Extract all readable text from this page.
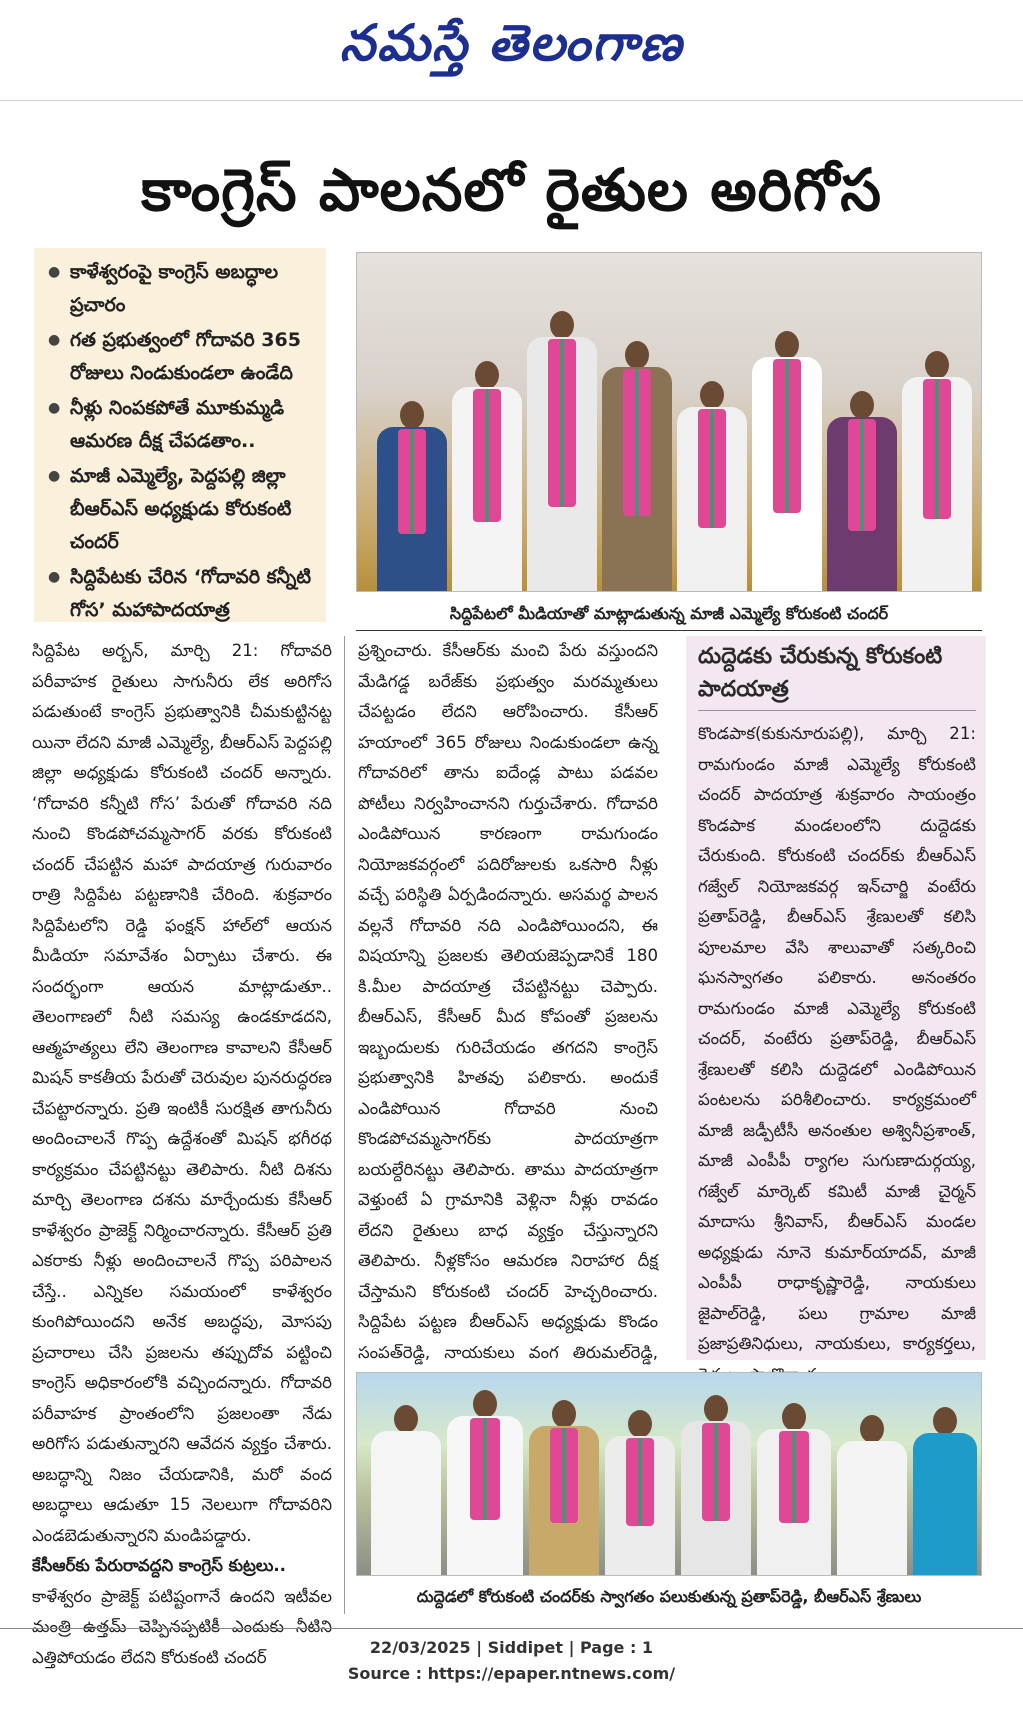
నమస్తే తెలంగాణ
కాంగ్రెస్ పాలనలో రైతుల అరిగోస
● కాళేశ్వరంపై కాంగ్రెస్ అబద్ధాల ప్రచారం
● గత ప్రభుత్వంలో గోదావరి 365 రోజులు నిండుకుండలా ఉండేది
● నీళ్లు నింపకపోతే మూకుమ్మడి ఆమరణ దీక్ష చేపడతాం..
● మాజీ ఎమ్మెల్యే, పెద్దపల్లి జిల్లా బీఆర్ఎస్ అధ్యక్షుడు కోరుకంటి చందర్
● సిద్దిపేటకు చేరిన ‘గోదావరి కన్నీటి గోస’ మహాపాదయాత్ర	సిద్దిపేటలో మీడియాతో మాట్లాడుతున్న మాజీ ఎమ్మెల్యే కోరుకంటి చందర్

సిద్దిపేట అర్బన్, మార్చి 21: గోదావరి పరీవాహక రైతులు సాగునీరు లేక అరిగోస పడుతుంటే కాంగ్రెస్ ప్రభుత్వానికి చీమకుట్టినట్ట యినా లేదని మాజీ ఎమ్మెల్యే, బీఆర్ఎస్ పెద్దపల్లి జిల్లా అధ్యక్షుడు కోరుకంటి చందర్ అన్నారు. ‘గోదావరి కన్నీటి గోస’ పేరుతో గోదావరి నది నుంచి కొండపోచమ్మసాగర్ వరకు కోరుకంటి చందర్ చేపట్టిన మహా పాదయాత్ర గురువారం రాత్రి సిద్దిపేట పట్టణానికి చేరింది. శుక్రవారం సిద్దిపేటలోని రెడ్డి ఫంక్షన్ హాల్‌లో ఆయన మీడియా సమావేశం ఏర్పాటు చేశారు. ఈ సందర్భంగా ఆయన మాట్లాడుతూ.. తెలంగాణలో నీటి సమస్య ఉండకూడదని, ఆత్మహత్యలు లేని తెలంగాణ కావాలని కేసీఆర్ మిషన్ కాకతీయ పేరుతో చెరువుల పునరుద్ధరణ చేపట్టారన్నారు. ప్రతి ఇంటికీ సురక్షిత తాగునీరు అందించాలనే గొప్ప ఉద్దేశంతో మిషన్ భగీరథ కార్యక్రమం చేపట్టినట్టు తెలిపారు. నీటి దిశను మార్చి తెలంగాణ దశను మార్చేందుకు కేసీఆర్ కాళేశ్వరం ప్రాజెక్ట్ నిర్మించారన్నారు. కేసీఆర్ ప్రతి ఎకరాకు నీళ్లు అందించాలనే గొప్ప పరిపాలన చేస్తే.. ఎన్నికల సమయంలో కాళేశ్వరం కుంగిపోయిందని అనేక అబద్ధపు, మోసపు ప్రచారాలు చేసి ప్రజలను తప్పుదోవ పట్టించి కాంగ్రెస్ అధికారంలోకి వచ్చిందన్నారు. గోదావరి పరీవాహక ప్రాంతంలోని ప్రజలంతా నేడు అరిగోస పడుతున్నారని ఆవేదన వ్యక్తం చేశారు. అబద్ధాన్ని నిజం చేయడానికి, మరో వంద అబద్ధాలు ఆడుతూ 15 నెలలుగా గోదావరిని ఎండబెడుతున్నారని మండిపడ్డారు.

కేసీఆర్‌కు పేరురావద్దని కాంగ్రెస్ కుట్రలు..

కాళేశ్వరం ప్రాజెక్ట్ పటిష్టంగానే ఉందని ఇటీవల మంత్రి ఉత్తమ్ చెప్పినప్పటికీ ఎందుకు నీటిని ఎత్తిపోయడం లేదని కోరుకంటి చందర్

ప్రశ్నించారు. కేసీఆర్‌కు మంచి పేరు వస్తుందని మేడిగడ్డ బరేజ్‌కు ప్రభుత్వం మరమ్మతులు చేపట్టడం లేదని ఆరోపించారు. కేసీఆర్ హయాంలో 365 రోజులు నిండుకుండలా ఉన్న గోదావరిలో తాను ఐదేండ్ల పాటు పడవల పోటీలు నిర్వహించానని గుర్తుచేశారు. గోదావరి ఎండిపోయిన కారణంగా రామగుండం నియోజకవర్గంలో పదిరోజులకు ఒకసారి నీళ్లు వచ్చే పరిస్థితి ఏర్పడిందన్నారు. అసమర్థ పాలన వల్లనే గోదావరి నది ఎండిపోయిందని, ఈ విషయాన్ని ప్రజలకు తెలియజెప్పడానికే 180 కి.మీల పాదయాత్ర చేపట్టినట్టు చెప్పారు. బీఆర్ఎస్, కేసీఆర్ మీద కోపంతో ప్రజలను ఇబ్బందులకు గురిచేయడం తగదని కాంగ్రెస్ ప్రభుత్వానికి హితవు పలికారు. అందుకే ఎండిపోయిన గోదావరి నుంచి కొండపోచమ్మసాగర్‌కు పాదయాత్రగా బయల్దేరినట్టు తెలిపారు. తాము పాదయాత్రగా వెళ్తుంటే ఏ గ్రామానికి వెళ్లినా నీళ్లు రావడం లేదని రైతులు బాధ వ్యక్తం చేస్తున్నారని తెలిపారు. నీళ్లకోసం ఆమరణ నిరాహార దీక్ష చేస్తామని కోరుకంటి చందర్ హెచ్చరించారు. సిద్దిపేట పట్టణ బీఆర్ఎస్ అధ్యక్షుడు కొండం సంపత్‌రెడ్డి, నాయకులు వంగ తిరుమల్‌రెడ్డి,

దుద్దెడకు చేరుకున్న కోరుకంటి పాదయాత్ర

కొండపాక(కుకునూరుపల్లి), మార్చి 21: రామగుండం మాజీ ఎమ్మెల్యే కోరుకంటి చందర్ పాదయాత్ర శుక్రవారం సాయంత్రం కొండపాక మండలంలోని దుద్దెడకు చేరుకుంది. కోరుకంటి చందర్‌కు బీఆర్ఎస్ గజ్వేల్ నియోజకవర్గ ఇన్‌చార్జి వంటేరు ప్రతాప్‌రెడ్డి, బీఆర్ఎస్ శ్రేణులతో కలిసి పూలమాల వేసి శాలువాతో సత్కరించి ఘనస్వాగతం పలికారు. అనంతరం రామగుండం మాజీ ఎమ్మెల్యే కోరుకంటి చందర్, వంటేరు ప్రతాప్‌రెడ్డి, బీఆర్ఎస్ శ్రేణులతో కలిసి దుద్దెడలో ఎండిపోయిన పంటలను పరిశీలించారు. కార్యక్రమంలో మాజీ జడ్పీటీసీ అనంతుల అశ్వినీప్రశాంత్, మాజీ ఎంపీపీ ర్యాగల సుగుణాదుర్గయ్య, గజ్వేల్ మార్కెట్ కమిటీ మాజీ చైర్మన్ మాదాసు శ్రీనివాస్, బీఆర్ఎస్ మండల అధ్యక్షుడు నూనె కుమార్‌యాదవ్, మాజీ ఎంపీపీ రాధాకృష్ణారెడ్డి, నాయకులు జైపాల్‌రెడ్డి, పలు గ్రామాల మాజీ ప్రజాప్రతినిధులు, నాయకులు, కార్యకర్తలు,

దుద్దెడలో కోరుకంటి చందర్‌కు స్వాగతం పలుకుతున్న ప్రతాప్‌రెడ్డి, బీఆర్ఎస్ శ్రేణులు
22/03/2025 | Siddipet | Page : 1
Source : https://epaper.ntnews.com/
